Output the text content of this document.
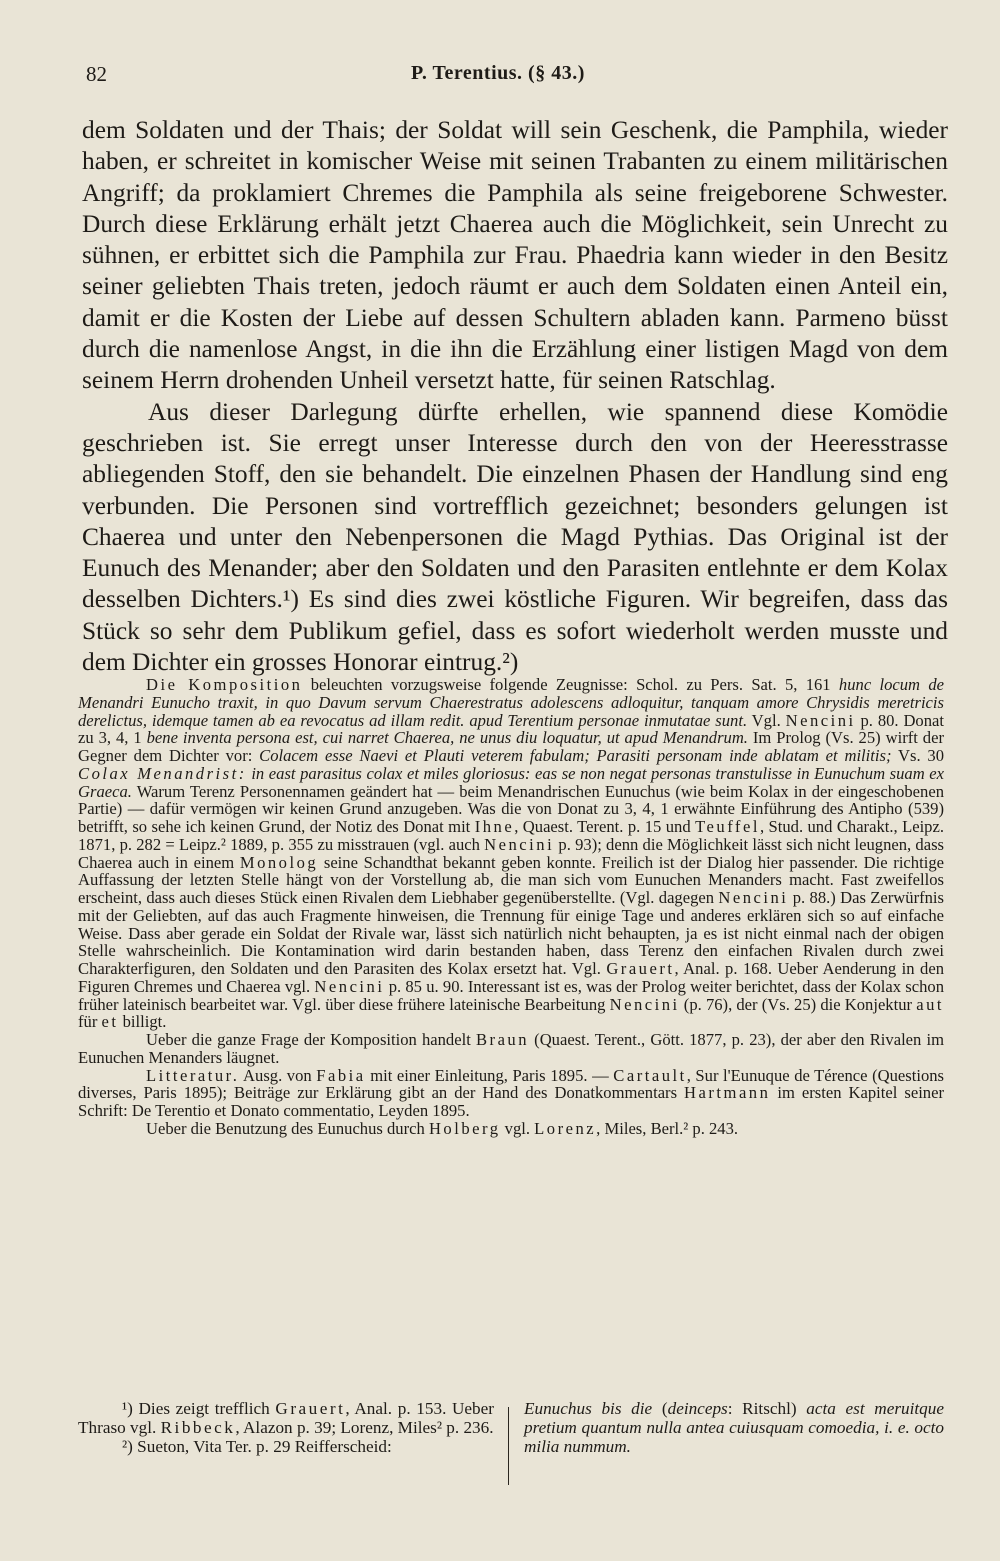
82	P. Terentius. (§ 43.)

dem Soldaten und der Thais; der Soldat will sein Geschenk, die Pamphila, wieder haben, er schreitet in komischer Weise mit seinen Trabanten zu einem militärischen Angriff; da proklamiert Chremes die Pamphila als seine freigeborene Schwester. Durch diese Erklärung erhält jetzt Chaerea auch die Möglichkeit, sein Unrecht zu sühnen, er erbittet sich die Pamphila zur Frau. Phaedria kann wieder in den Besitz seiner geliebten Thais treten, jedoch räumt er auch dem Soldaten einen Anteil ein, damit er die Kosten der Liebe auf dessen Schultern abladen kann. Parmeno büsst durch die namenlose Angst, in die ihn die Erzählung einer listigen Magd von dem seinem Herrn drohenden Unheil versetzt hatte, für seinen Ratschlag.

Aus dieser Darlegung dürfte erhellen, wie spannend diese Komödie geschrieben ist. Sie erregt unser Interesse durch den von der Heeresstrasse abliegenden Stoff, den sie behandelt. Die einzelnen Phasen der Handlung sind eng verbunden. Die Personen sind vortrefflich gezeichnet; besonders gelungen ist Chaerea und unter den Nebenpersonen die Magd Pythias. Das Original ist der Eunuch des Menander; aber den Soldaten und den Parasiten entlehnte er dem Kolax desselben Dichters.¹) Es sind dies zwei köstliche Figuren. Wir begreifen, dass das Stück so sehr dem Publikum gefiel, dass es sofort wiederholt werden musste und dem Dichter ein grosses Honorar eintrug.²)

Die Komposition beleuchten vorzugsweise folgende Zeugnisse: Schol. zu Pers. Sat. 5, 161 hunc locum de Menandri Eunucho traxit, in quo Davum servum Chaerestratus adolescens adloquitur, tanquam amore Chrysidis meretricis derelictus, idemque tamen ab ea revocatus ad illam redit. apud Terentium personae inmutatae sunt. Vgl. Nencini p. 80. Donat zu 3, 4, 1 bene inventa persona est, cui narret Chaerea, ne unus diu loquatur, ut apud Menandrum. Im Prolog (Vs. 25) wirft der Gegner dem Dichter vor: Colacem esse Naevi et Plauti veterem fabulam; Parasiti personam inde ablatam et militis; Vs. 30 Colax Menandrist: in east parasitus colax et miles gloriosus: eas se non negat personas transtulisse in Eunuchum suam ex Graeca. Warum Terenz Personennamen geändert hat — beim Menandrischen Eunuchus (wie beim Kolax in der eingeschobenen Partie) — dafür vermögen wir keinen Grund anzugeben. Was die von Donat zu 3, 4, 1 erwähnte Einführung des Antipho (539) betrifft, so sehe ich keinen Grund, der Notiz des Donat mit Ihne, Quaest. Terent. p. 15 und Teuffel, Stud. und Charakt., Leipz. 1871, p. 282 = Leipz.² 1889, p. 355 zu misstrauen (vgl. auch Nencini p. 93); denn die Möglichkeit lässt sich nicht leugnen, dass Chaerea auch in einem Monolog seine Schandthat bekannt geben konnte. Freilich ist der Dialog hier passender. Die richtige Auffassung der letzten Stelle hängt von der Vorstellung ab, die man sich vom Eunuchen Menanders macht. Fast zweifellos erscheint, dass auch dieses Stück einen Rivalen dem Liebhaber gegenüberstellte. (Vgl. dagegen Nencini p. 88.) Das Zerwürfnis mit der Geliebten, auf das auch Fragmente hinweisen, die Trennung für einige Tage und anderes erklären sich so auf einfache Weise. Dass aber gerade ein Soldat der Rivale war, lässt sich natürlich nicht behaupten, ja es ist nicht einmal nach der obigen Stelle wahrscheinlich. Die Kontamination wird darin bestanden haben, dass Terenz den einfachen Rivalen durch zwei Charakterfiguren, den Soldaten und den Parasiten des Kolax ersetzt hat. Vgl. Grauert, Anal. p. 168. Ueber Aenderung in den Figuren Chremes und Chaerea vgl. Nencini p. 85 u. 90. Interessant ist es, was der Prolog weiter berichtet, dass der Kolax schon früher lateinisch bearbeitet war. Vgl. über diese frühere lateinische Bearbeitung Nencini (p. 76), der (Vs. 25) die Konjektur aut für et billigt.

Ueber die ganze Frage der Komposition handelt Braun (Quaest. Terent., Gött. 1877, p. 23), der aber den Rivalen im Eunuchen Menanders läugnet.

Litteratur. Ausg. von Fabia mit einer Einleitung, Paris 1895. — Cartault, Sur l'Eunuque de Térence (Questions diverses, Paris 1895); Beiträge zur Erklärung gibt an der Hand des Donatkommentars Hartmann im ersten Kapitel seiner Schrift: De Terentio et Donato commentatio, Leyden 1895.

Ueber die Benutzung des Eunuchus durch Holberg vgl. Lorenz, Miles, Berl.² p. 243.

¹) Dies zeigt trefflich Grauert, Anal. p. 153. Ueber Thraso vgl. Ribbeck, Alazon p. 39; Lorenz, Miles² p. 236.

²) Sueton, Vita Ter. p. 29 Reifferscheid:

Eunuchus bis die (deinceps: Ritschl) acta est meruitque pretium quantum nulla antea cuiusquam comoedia, i. e. octo milia nummum.
